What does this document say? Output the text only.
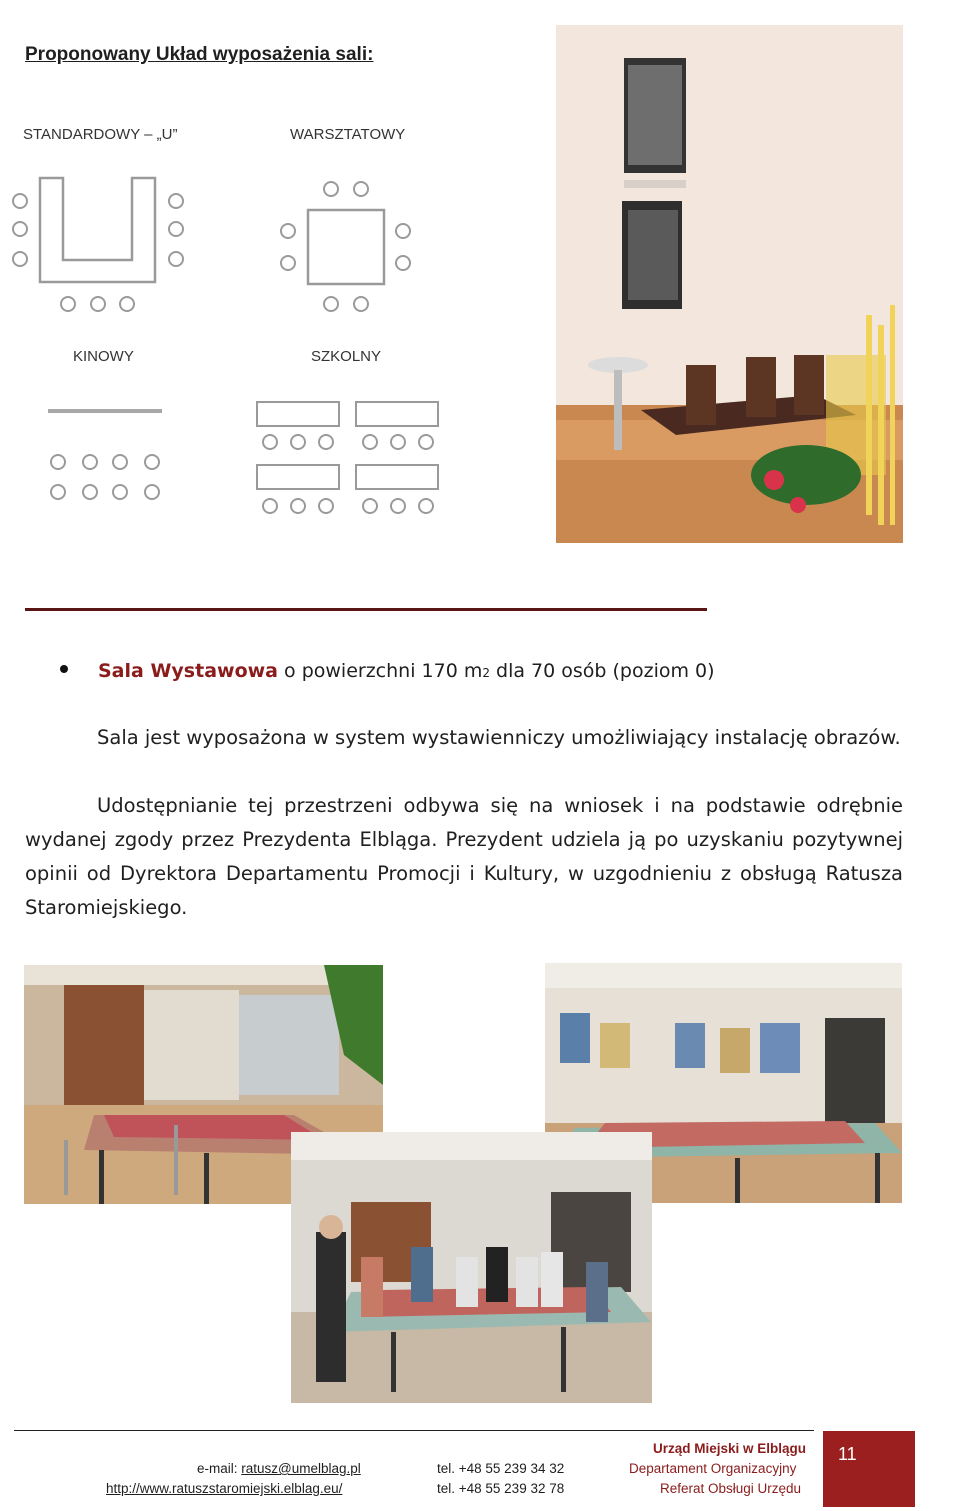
Proponowany Układ wyposażenia sali:
STANDARDOWY – „U”	WARSZTATOWY
KINOWY	SZKOLNY
Sala Wystawowa o powierzchni 170 m 2 dla 70 osób (poziom 0)
Sala jest wyposażona w system wystawienniczy umożliwiający instalację obrazów.
Udostępnianie tej przestrzeni odbywa się na wniosek i na podstawie odrębnie wydanej zgody przez Prezydenta Elbląga. Prezydent udziela ją po uzyskaniu pozytywnej opinii od Dyrektora Departamentu Promocji i Kultury, w uzgodnieniu z obsługą Ratusza Staromiejskiego.
e-mail: ratusz@umelblag.pl
http://www.ratuszstaromiejski.elblag.eu/
tel. +48 55 239 34 32
tel. +48 55 239 32 78
Urząd Miejski w Elblągu
Departament Organizacyjny
Referat Obsługi Urzędu
11
